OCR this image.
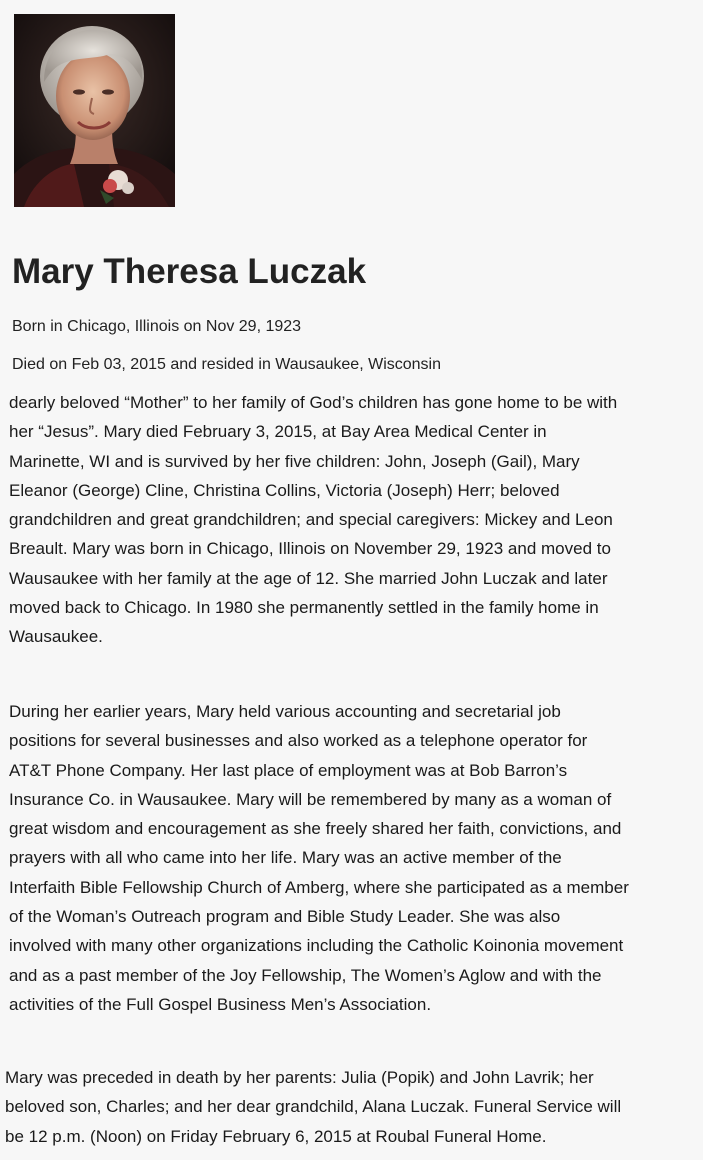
Mary Theresa Luczak

Born in Chicago, Illinois on Nov 29, 1923

Died on Feb 03, 2015 and resided in Wausaukee, Wisconsin

dearly beloved “Mother” to her family of God’s children has gone home to be with
her “Jesus”. Mary died February 3, 2015, at Bay Area Medical Center in
Marinette, WI and is survived by her five children: John, Joseph (Gail), Mary
Eleanor (George) Cline, Christina Collins, Victoria (Joseph) Herr; beloved
grandchildren and great grandchildren; and special caregivers: Mickey and Leon
Breault. Mary was born in Chicago, Illinois on November 29, 1923 and moved to
Wausaukee with her family at the age of 12. She married John Luczak and later
moved back to Chicago. In 1980 she permanently settled in the family home in
Wausaukee.

During her earlier years, Mary held various accounting and secretarial job
positions for several businesses and also worked as a telephone operator for
AT&T Phone Company. Her last place of employment was at Bob Barron’s
Insurance Co. in Wausaukee. Mary will be remembered by many as a woman of
great wisdom and encouragement as she freely shared her faith, convictions, and
prayers with all who came into her life. Mary was an active member of the
Interfaith Bible Fellowship Church of Amberg, where she participated as a member
of the Woman’s Outreach program and Bible Study Leader. She was also
involved with many other organizations including the Catholic Koinonia movement
and as a past member of the Joy Fellowship, The Women’s Aglow and with the
activities of the Full Gospel Business Men’s Association.

Mary was preceded in death by her parents: Julia (Popik) and John Lavrik; her
beloved son, Charles; and her dear grandchild, Alana Luczak. Funeral Service will
be 12 p.m. (Noon) on Friday February 6, 2015 at Roubal Funeral Home.
